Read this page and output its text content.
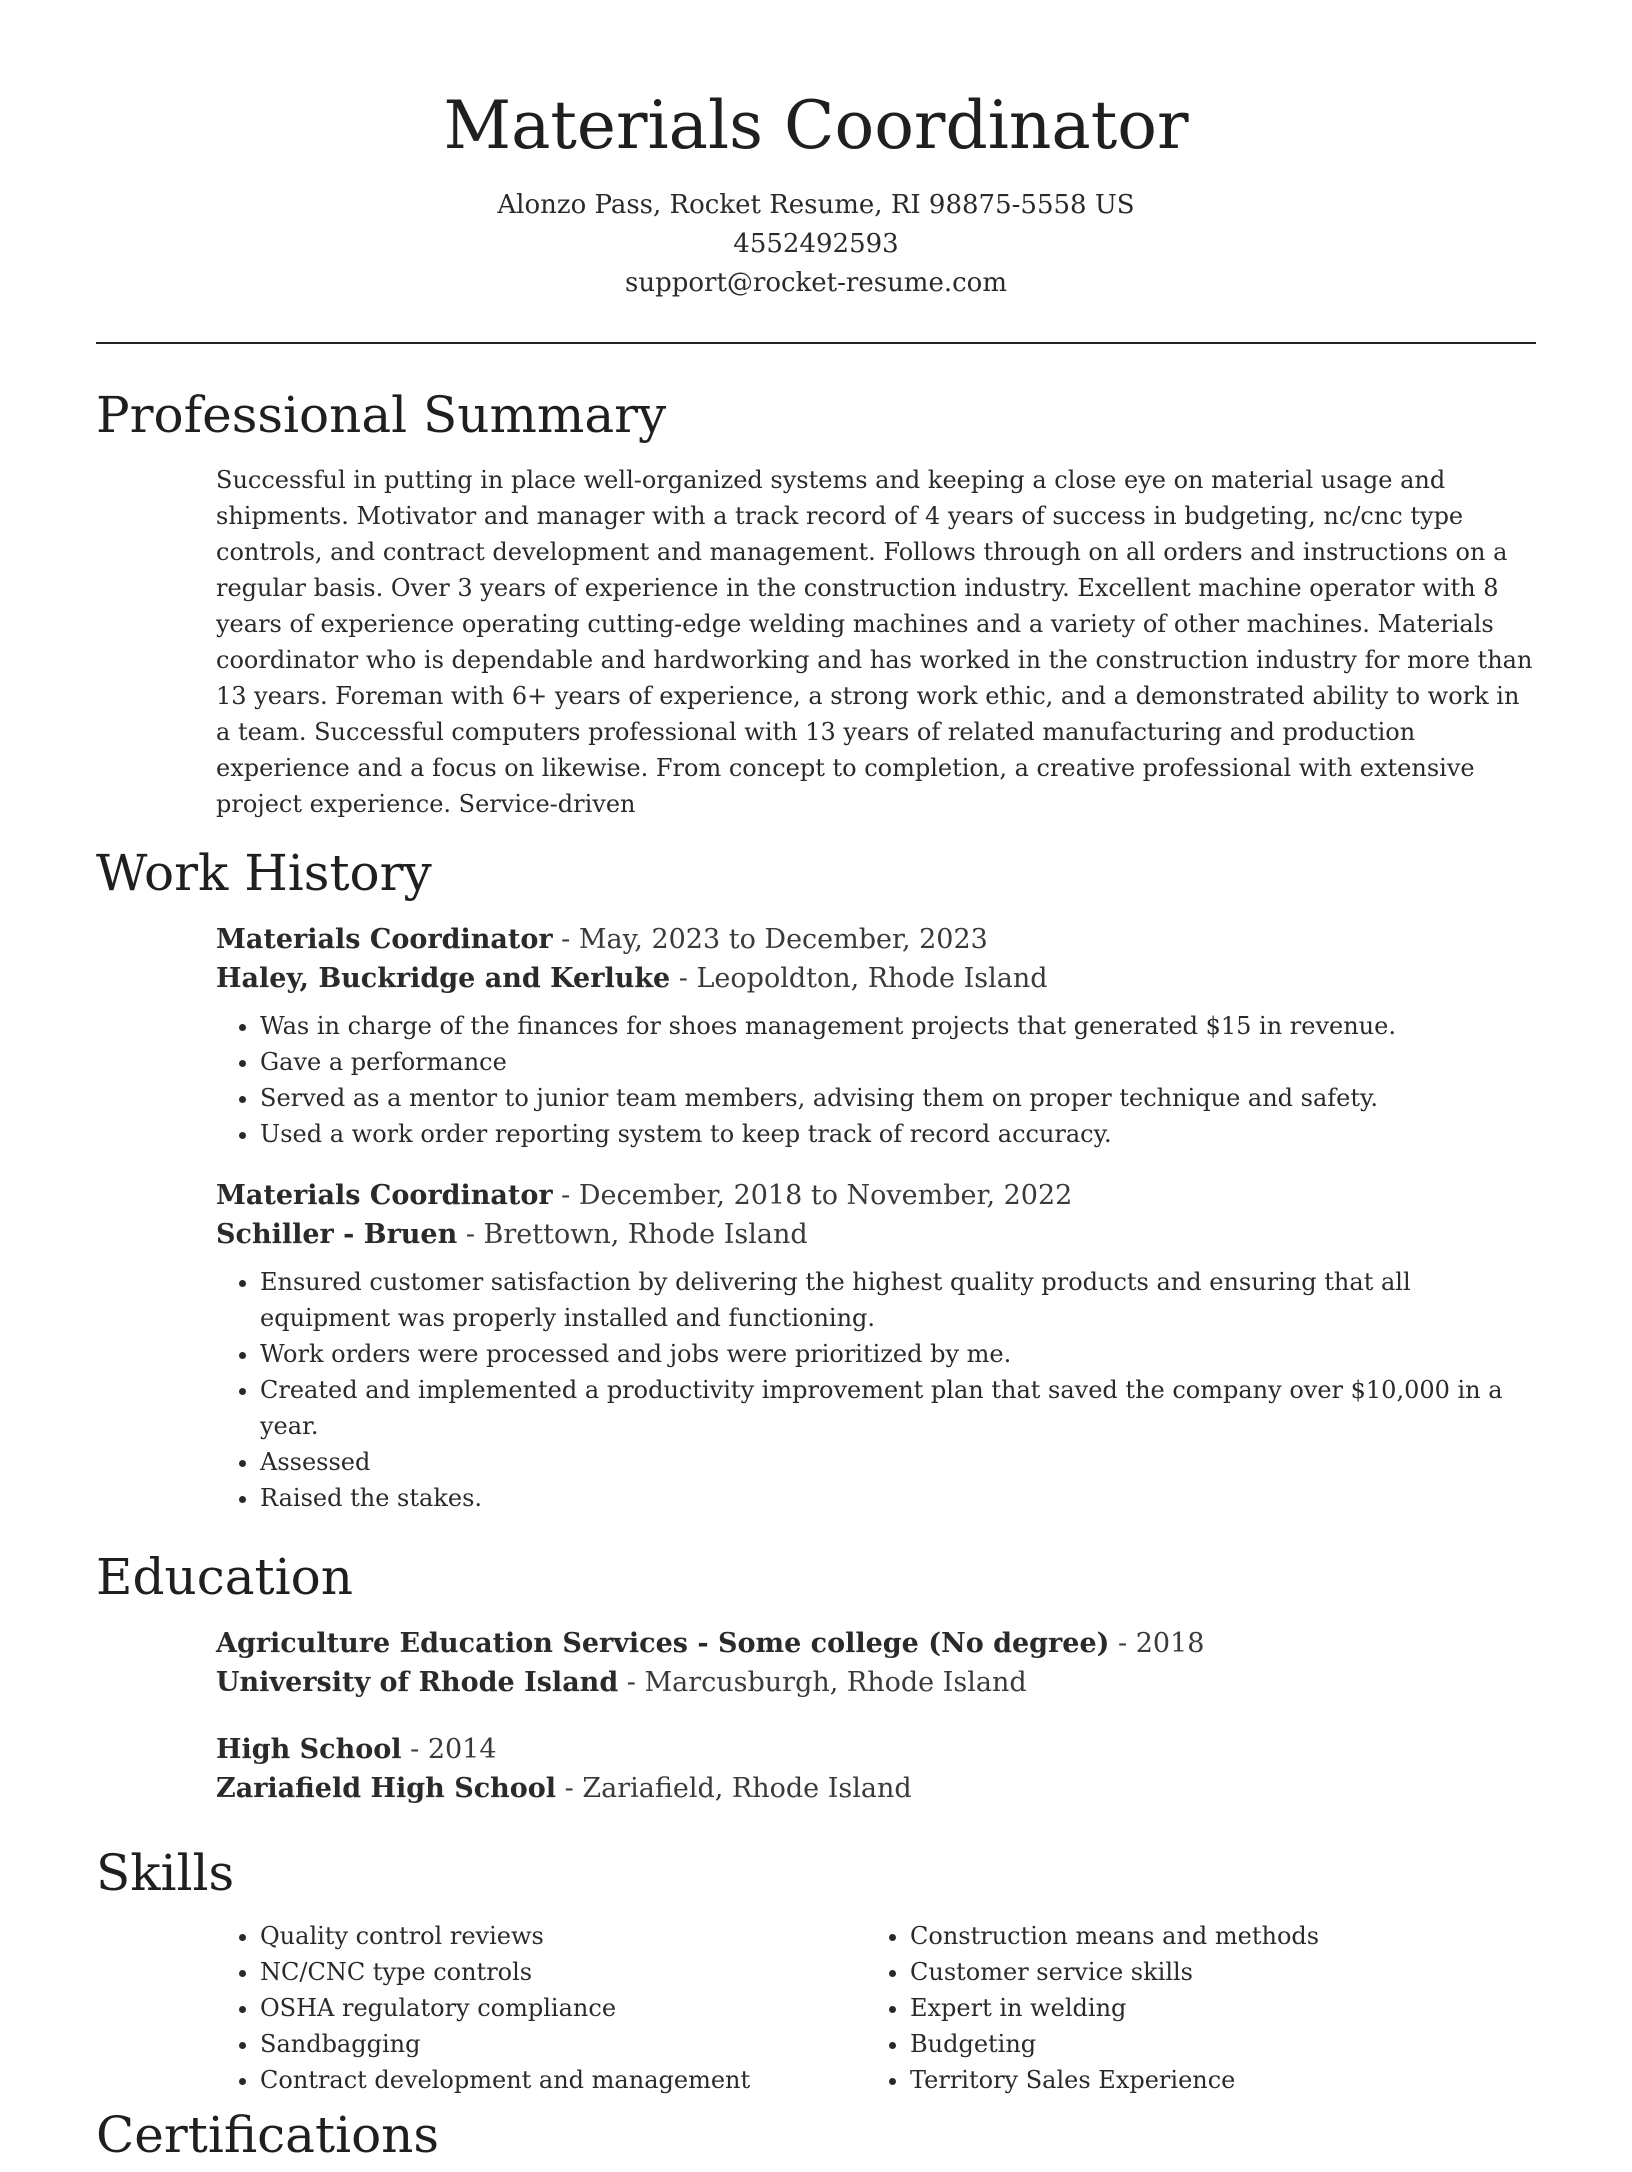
Materials Coordinator
Alonzo Pass, Rocket Resume, RI 98875-5558 US
4552492593
support@rocket-resume.com
Professional Summary

Successful in putting in place well-organized systems and keeping a close eye on material usage and shipments. Motivator and manager with a track record of 4 years of success in budgeting, nc/cnc type controls, and contract development and management. Follows through on all orders and instructions on a regular basis. Over 3 years of experience in the construction industry. Excellent machine operator with 8 years of experience operating cutting-edge welding machines and a variety of other machines. Materials coordinator who is dependable and hardworking and has worked in the construction industry for more than 13 years. Foreman with 6+ years of experience, a strong work ethic, and a demonstrated ability to work in a team. Successful computers professional with 13 years of related manufacturing and production experience and a focus on likewise. From concept to completion, a creative professional with extensive project experience. Service-driven

Work History

Materials Coordinator - May, 2023 to December, 2023

Haley, Buckridge and Kerluke - Leopoldton, Rhode Island

• Was in charge of the finances for shoes management projects that generated $15 in revenue.
• Gave a performance
• Served as a mentor to junior team members, advising them on proper technique and safety.
• Used a work order reporting system to keep track of record accuracy.

Materials Coordinator - December, 2018 to November, 2022

Schiller - Bruen - Brettown, Rhode Island

• Ensured customer satisfaction by delivering the highest quality products and ensuring that all equipment was properly installed and functioning.
• Work orders were processed and jobs were prioritized by me.
• Created and implemented a productivity improvement plan that saved the company over $10,000 in a year.
• Assessed
• Raised the stakes.
Education

Agriculture Education Services - Some college (No degree) - 2018

University of Rhode Island - Marcusburgh, Rhode Island

High School - 2014

Zariafield High School - Zariafield, Rhode Island

Skills
• Quality control reviews
• NC/CNC type controls
• OSHA regulatory compliance
• Sandbagging
• Contract development and management
• Construction means and methods
• Customer service skills
• Expert in welding
• Budgeting
• Territory Sales Experience
Certifications
